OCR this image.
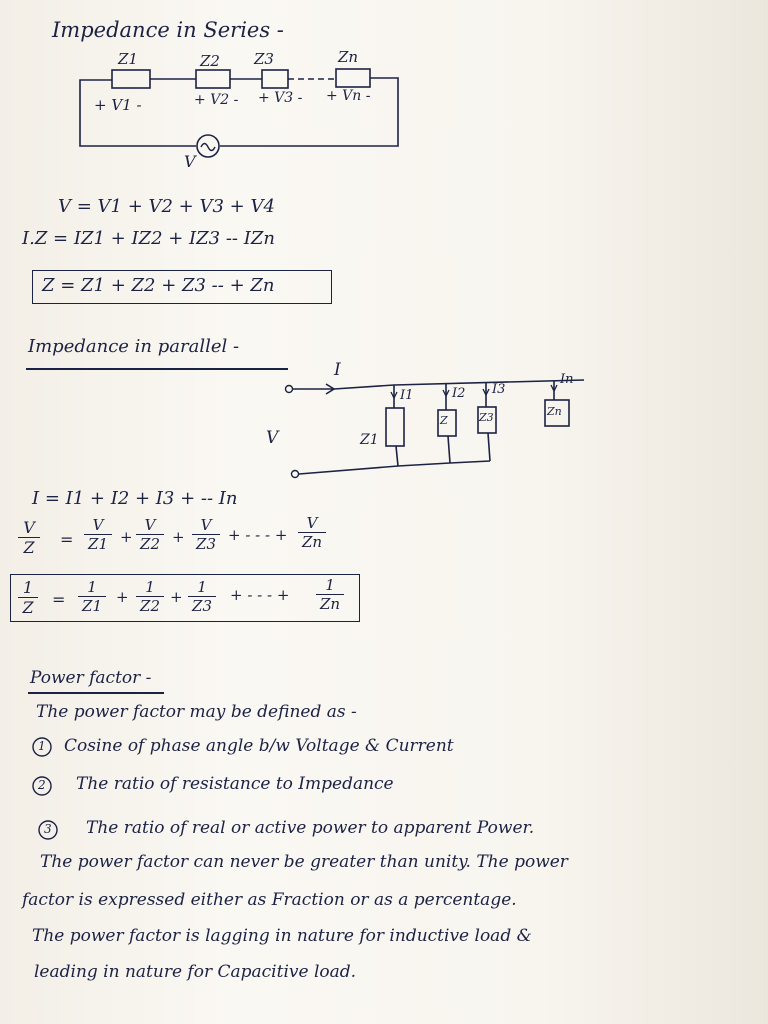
Impedance in Series -
Z1	Z2 Z3	Zn
+ V1 -	+ V2 - + V3 - + Vn -
V
V = V1 + V2 + V3 + V4
I.Z = IZ1 + IZ2 + IZ3 -- IZn
Z = Z1 + Z2 + Z3 -- + Zn
Impedance in parallel -
I
I1	I2 I3
In
Z1
Z	Z3	Zn
V
I = I1 + I2 + I3 + -- In
$\frac{V}{Z} = \frac{V}{Z1} + \frac{V}{Z2} + \frac{V}{Z3}$ + - - - + $\frac{V}{Zn}$
$\frac{1}{Z} = \frac{1}{Z1} + \frac{1}{Z2} + \frac{1}{Z3}$ + - - - + $\frac{1}{Zn}$
Power factor -
The power factor may be defined as -
1
2
3
Cosine of phase angle b/w Voltage & Current
The ratio of resistance to Impedance
The ratio of real or active power to apparent Power.
The power factor can never be greater than unity. The power
factor is expressed either as Fraction or as a percentage.
The power factor is lagging in nature for inductive load &
leading in nature for Capacitive load.
